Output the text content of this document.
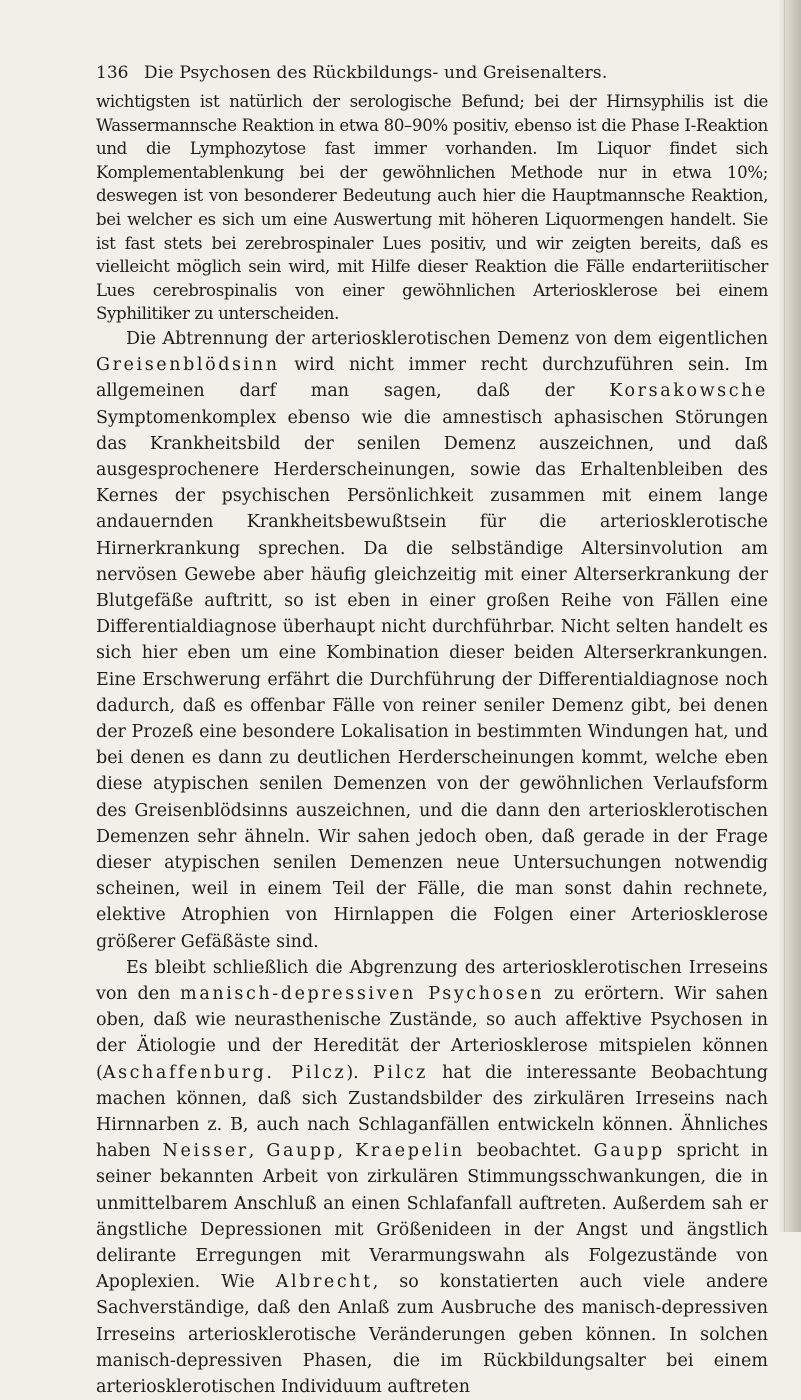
136 Die Psychosen des Rückbildungs- und Greisenalters.

wichtigsten ist natürlich der serologische Befund; bei der Hirnsyphilis ist die Wassermannsche Reaktion in etwa 80–90% positiv, ebenso ist die Phase I-Reaktion und die Lymphozytose fast immer vorhanden. Im Liquor findet sich Komplementablenkung bei der gewöhnlichen Methode nur in etwa 10%; deswegen ist von besonderer Bedeutung auch hier die Hauptmannsche Reaktion, bei welcher es sich um eine Auswertung mit höheren Liquormengen handelt. Sie ist fast stets bei zerebrospinaler Lues positiv, und wir zeigten bereits, daß es vielleicht möglich sein wird, mit Hilfe dieser Reaktion die Fälle endarteriitischer Lues cerebrospinalis von einer gewöhnlichen Arteriosklerose bei einem Syphilitiker zu unterscheiden.

Die Abtrennung der arteriosklerotischen Demenz von dem eigentlichen Greisenblödsinn wird nicht immer recht durchzuführen sein. Im allgemeinen darf man sagen, daß der Korsakowsche Symptomenkomplex ebenso wie die amnestisch aphasischen Störungen das Krankheitsbild der senilen Demenz auszeichnen, und daß ausgesprochenere Herderscheinungen, sowie das Erhaltenbleiben des Kernes der psychischen Persönlichkeit zusammen mit einem lange andauernden Krankheitsbewußtsein für die arteriosklerotische Hirnerkrankung sprechen. Da die selbständige Altersinvolution am nervösen Gewebe aber häufig gleichzeitig mit einer Alterserkrankung der Blutgefäße auftritt, so ist eben in einer großen Reihe von Fällen eine Differentialdiagnose überhaupt nicht durchführbar. Nicht selten handelt es sich hier eben um eine Kombination dieser beiden Alterserkrankungen. Eine Erschwerung erfährt die Durchführung der Differentialdiagnose noch dadurch, daß es offenbar Fälle von reiner seniler Demenz gibt, bei denen der Prozeß eine besondere Lokalisation in bestimmten Windungen hat, und bei denen es dann zu deutlichen Herderscheinungen kommt, welche eben diese atypischen senilen Demenzen von der gewöhnlichen Verlaufsform des Greisenblödsinns auszeichnen, und die dann den arteriosklerotischen Demenzen sehr ähneln. Wir sahen jedoch oben, daß gerade in der Frage dieser atypischen senilen Demenzen neue Untersuchungen notwendig scheinen, weil in einem Teil der Fälle, die man sonst dahin rechnete, elektive Atrophien von Hirnlappen die Folgen einer Arteriosklerose größerer Gefäßäste sind.

Es bleibt schließlich die Abgrenzung des arteriosklerotischen Irreseins von den manisch-depressiven Psychosen zu erörtern. Wir sahen oben, daß wie neurasthenische Zustände, so auch affektive Psychosen in der Ätiologie und der Heredität der Arteriosklerose mitspielen können (Aschaffenburg. Pilcz). Pilcz hat die interessante Beobachtung machen können, daß sich Zustandsbilder des zirkulären Irreseins nach Hirnnarben z. B, auch nach Schlaganfällen entwickeln können. Ähnliches haben Neisser, Gaupp, Kraepelin beobachtet. Gaupp spricht in seiner bekannten Arbeit von zirkulären Stimmungsschwankungen, die in unmittelbarem Anschluß an einen Schlafanfall auftreten. Außerdem sah er ängstliche Depressionen mit Größenideen in der Angst und ängstlich delirante Erregungen mit Verarmungswahn als Folgezustände von Apoplexien. Wie Albrecht, so konstatierten auch viele andere Sachverständige, daß den Anlaß zum Ausbruche des manisch-depressiven Irreseins arteriosklerotische Veränderungen geben können. In solchen manisch-depressiven Phasen, die im Rückbildungsalter bei einem arteriosklerotischen Individuum auftreten
